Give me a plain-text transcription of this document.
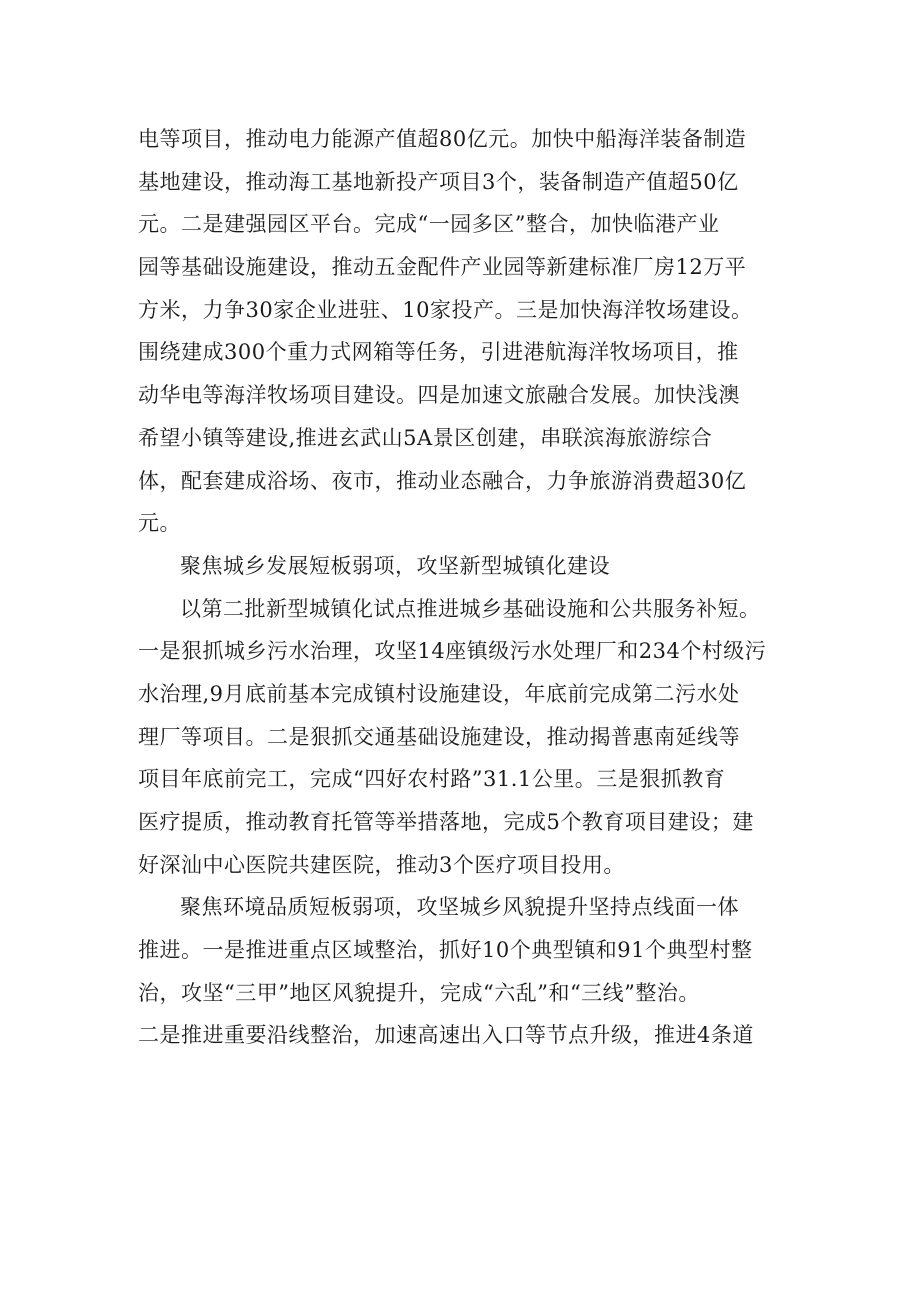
电等项目，推动电力能源产值超80亿元。加快中船海洋装备制造
基地建设，推动海工基地新投产项目3个，装备制造产值超50亿
元。二是建强园区平台。完成“一园多区”整合，加快临港产业
园等基础设施建设，推动五金配件产业园等新建标准厂房12万平
方米，力争30家企业进驻、10家投产。三是加快海洋牧场建设。
围绕建成300个重力式网箱等任务，引进港航海洋牧场项目，推
动华电等海洋牧场项目建设。四是加速文旅融合发展。加快浅澳
希望小镇等建设,推进玄武山5A景区创建，串联滨海旅游综合
体，配套建成浴场、夜市，推动业态融合，力争旅游消费超30亿
元。
聚焦城乡发展短板弱项，攻坚新型城镇化建设
以第二批新型城镇化试点推进城乡基础设施和公共服务补短。
一是狠抓城乡污水治理，攻坚14座镇级污水处理厂和234个村级污
水治理,9月底前基本完成镇村设施建设，年底前完成第二污水处
理厂等项目。二是狠抓交通基础设施建设，推动揭普惠南延线等
项目年底前完工，完成“四好农村路”31.1公里。三是狠抓教育
医疗提质，推动教育托管等举措落地，完成5个教育项目建设；建
好深汕中心医院共建医院，推动3个医疗项目投用。
聚焦环境品质短板弱项，攻坚城乡风貌提升坚持点线面一体
推进。一是推进重点区域整治，抓好10个典型镇和91个典型村整
治，攻坚“三甲”地区风貌提升，完成“六乱”和“三线”整治。
二是推进重要沿线整治，加速高速出入口等节点升级，推进4条道
